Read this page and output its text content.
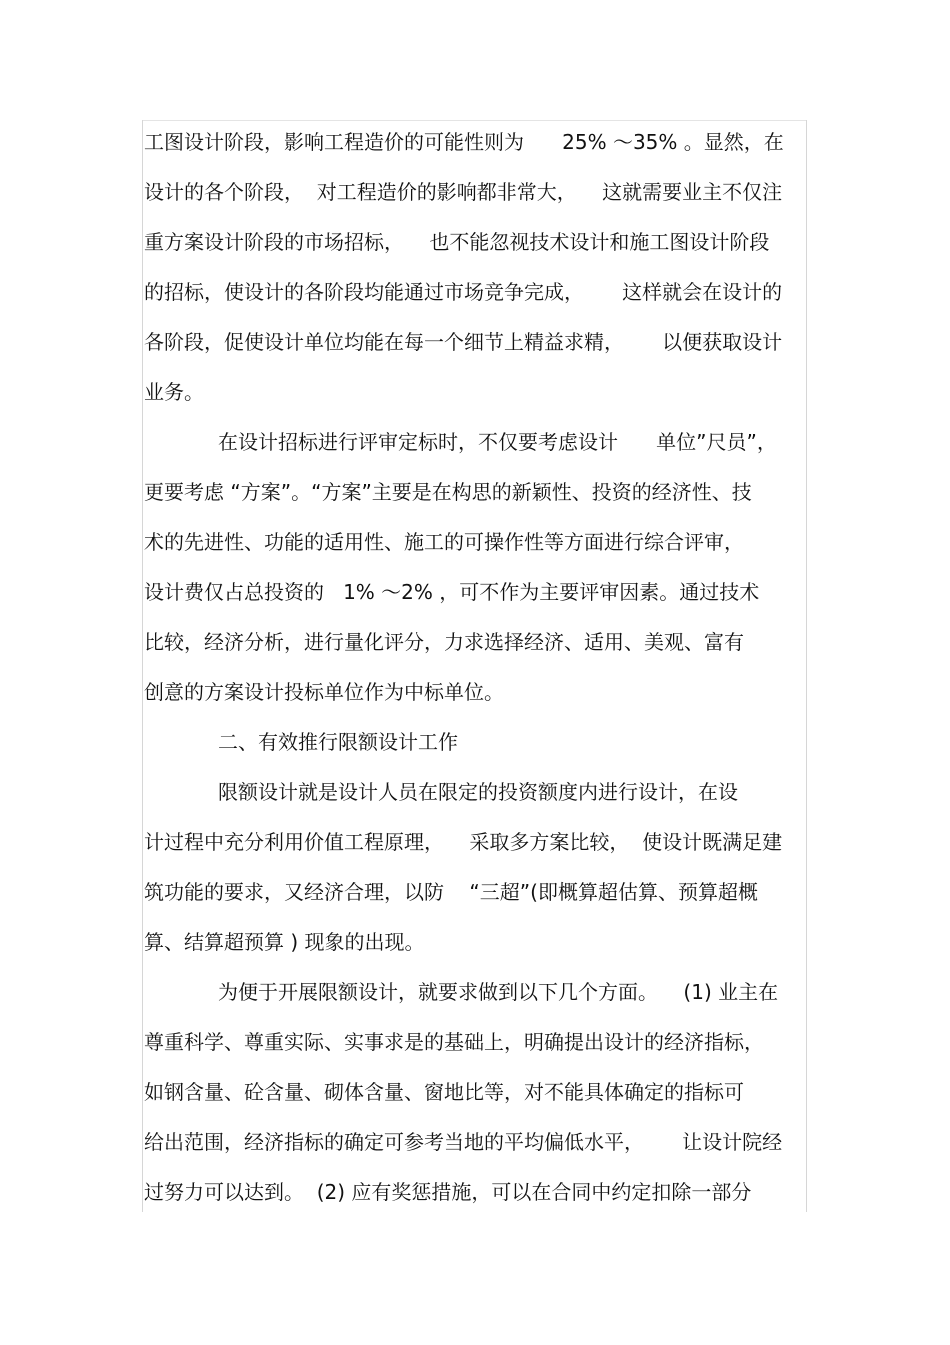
工图设计阶段，影响工程造价的可能性则为      25% ～35% 。显然，在
设计的各个阶段，  对工程造价的影响都非常大，    这就需要业主不仅注
重方案设计阶段的市场招标，    也不能忽视技术设计和施工图设计阶段
的招标，使设计的各阶段均能通过市场竞争完成，      这样就会在设计的
各阶段，促使设计单位均能在每一个细节上精益求精，      以便获取设计
业务。
在设计招标进行评审定标时，不仅要考虑设计      单位”尺员”，
更要考虑 “方案”。“方案”主要是在构思的新颖性、投资的经济性、技
术的先进性、功能的适用性、施工的可操作性等方面进行综合评审，
设计费仅占总投资的   1% ～2% ，可不作为主要评审因素。通过技术
比较，经济分析，进行量化评分，力求选择经济、适用、美观、富有
创意的方案设计投标单位作为中标单位。
二、有效推行限额设计工作
限额设计就是设计人员在限定的投资额度内进行设计，在设
计过程中充分利用价值工程原理，    采取多方案比较，  使设计既满足建
筑功能的要求，又经济合理，以防    “三超”(即概算超估算、预算超概
算、结算超预算 ) 现象的出现。
为便于开展限额设计，就要求做到以下几个方面。    (1) 业主在
尊重科学、尊重实际、实事求是的基础上，明确提出设计的经济指标，
如钢含量、砼含量、砌体含量、窗地比等，对不能具体确定的指标可
给出范围，经济指标的确定可参考当地的平均偏低水平，      让设计院经
过努力可以达到。  (2) 应有奖惩措施，可以在合同中约定扣除一部分
